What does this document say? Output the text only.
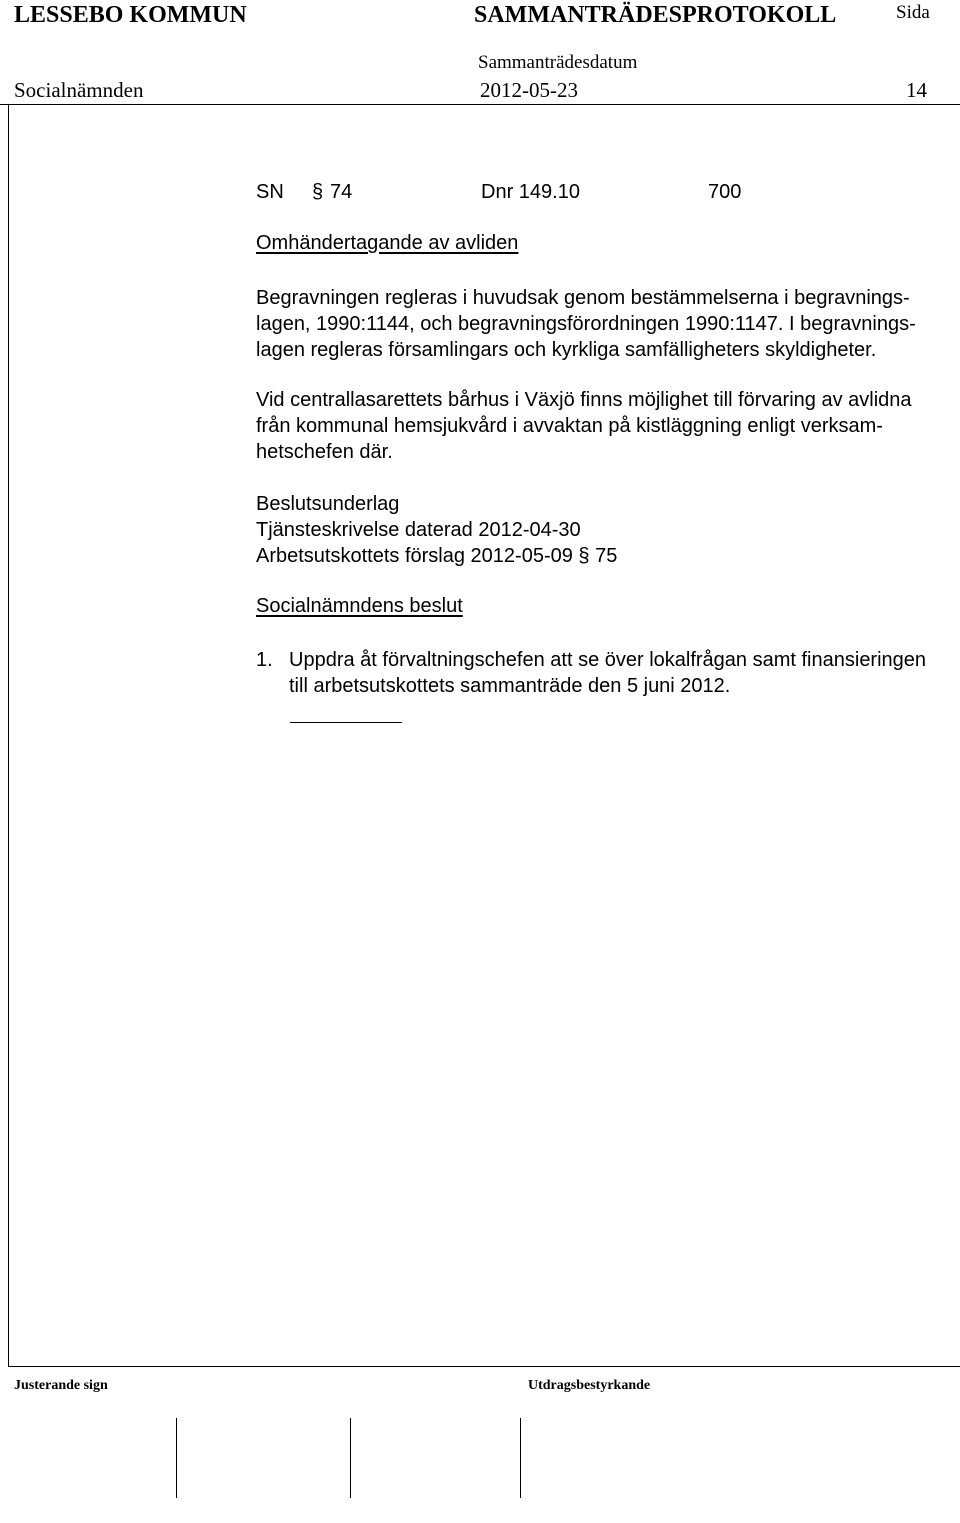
LESSEBO KOMMUN	SAMMANTRÄDESPROTOKOLL	Sida
Sammanträdesdatum
Socialnämnden	2012-05-23	14
SN § 74	Dnr 149.10	700
Omhändertagande av avliden
Begravningen regleras i huvudsak genom bestämmelserna i begravnings-
lagen, 1990:1144, och begravningsförordningen 1990:1147. I begravnings-
lagen regleras församlingars och kyrkliga samfälligheters skyldigheter.
Vid centrallasarettets bårhus i Växjö finns möjlighet till förvaring av avlidna
från kommunal hemsjukvård i avvaktan på kistläggning enligt verksam-
hetschefen där.
Beslutsunderlag
Tjänsteskrivelse daterad 2012-04-30
Arbetsutskottets förslag 2012-05-09 § 75
Socialnämndens beslut
1. Uppdra åt förvaltningschefen att se över lokalfrågan samt finansieringen
till arbetsutskottets sammanträde den 5 juni 2012.
Justerande sign	Utdragsbestyrkande
